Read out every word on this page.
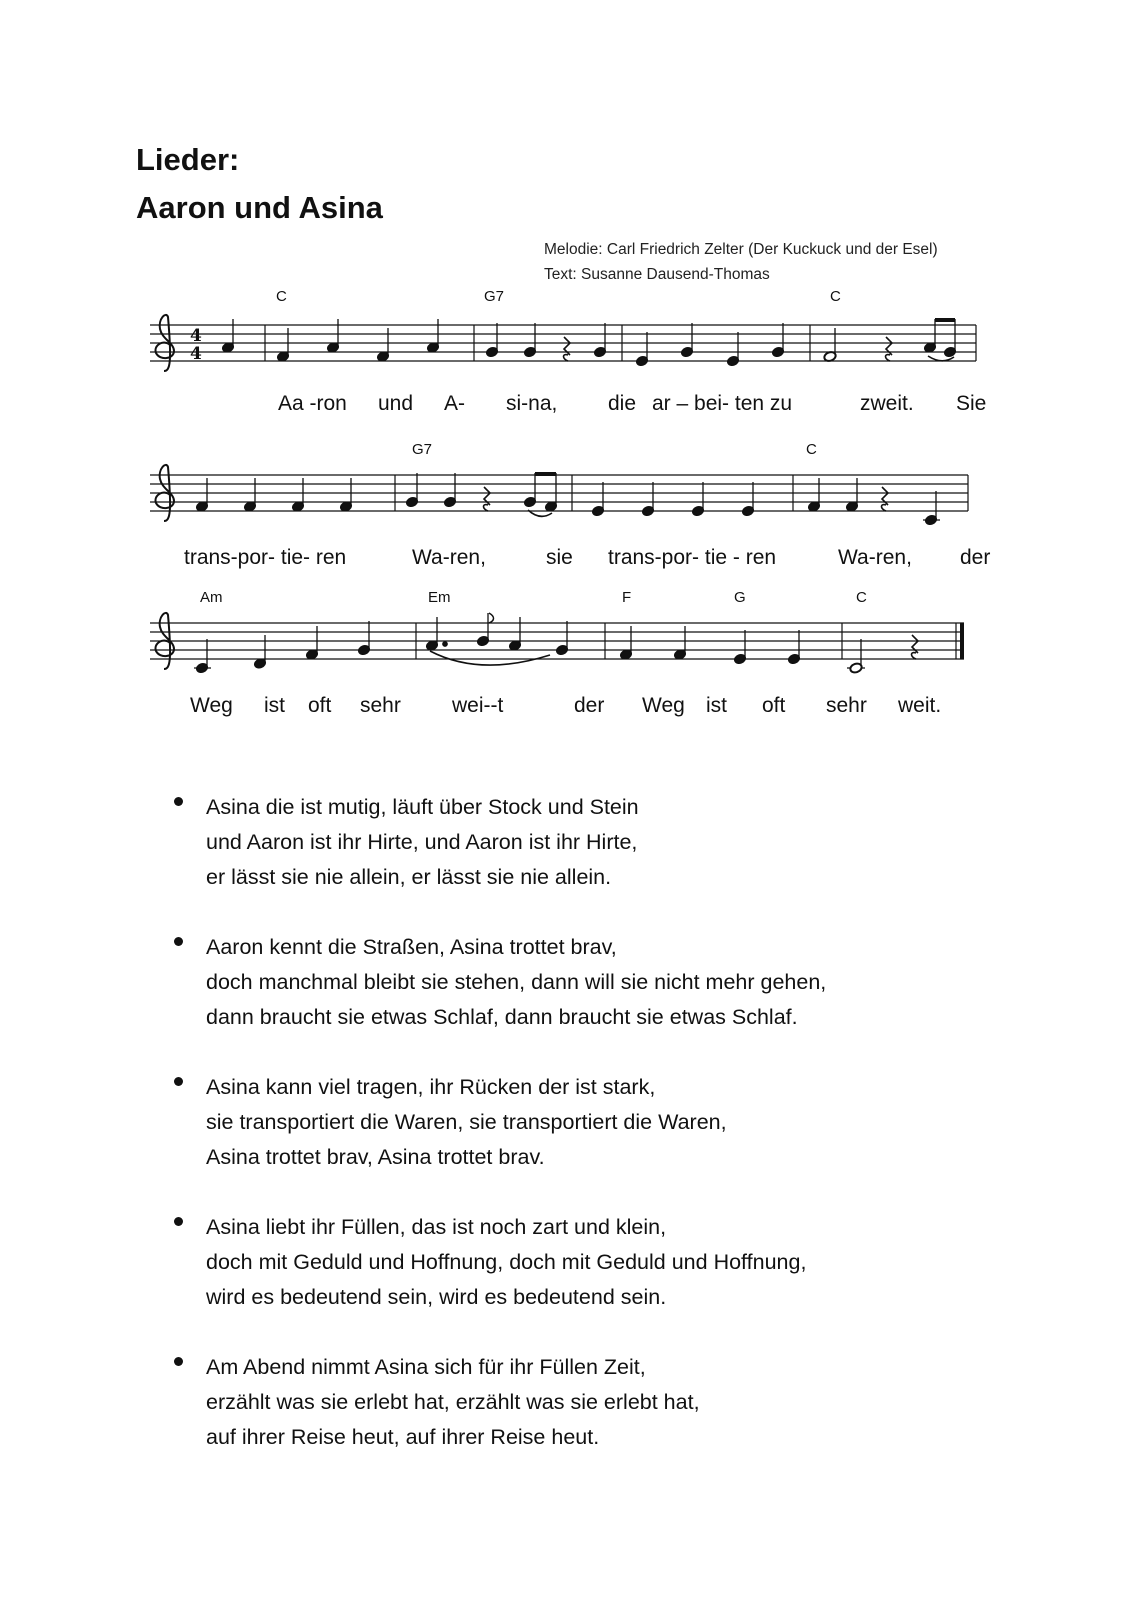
Lieder:
Aaron und Asina
Melodie: Carl Friedrich Zelter (Der Kuckuck und der Esel)
Text: Susanne Dausend-Thomas
C	G7	C
4
4
Aa -ron und A- si-na, die ar – bei- ten zu	zweit. Sie
G7	C
trans-por- tie- ren	Wa-ren,	sie trans-por- tie - ren	Wa-ren, der
Am	Em	F	G	C
Weg ist oft sehr wei--t	der Weg ist oft sehr weit.
Asina die ist mutig, läuft über Stock und Stein
und Aaron ist ihr Hirte, und Aaron ist ihr Hirte,
er lässt sie nie allein, er lässt sie nie allein.
Aaron kennt die Straßen, Asina trottet brav,
doch manchmal bleibt sie stehen, dann will sie nicht mehr gehen,
dann braucht sie etwas Schlaf, dann braucht sie etwas Schlaf.
Asina kann viel tragen, ihr Rücken der ist stark,
sie transportiert die Waren, sie transportiert die Waren,
Asina trottet brav, Asina trottet brav.
Asina liebt ihr Füllen, das ist noch zart und klein,
doch mit Geduld und Hoffnung, doch mit Geduld und Hoffnung,
wird es bedeutend sein, wird es bedeutend sein.
Am Abend nimmt Asina sich für ihr Füllen Zeit,
erzählt was sie erlebt hat, erzählt was sie erlebt hat,
auf ihrer Reise heut, auf ihrer Reise heut.
